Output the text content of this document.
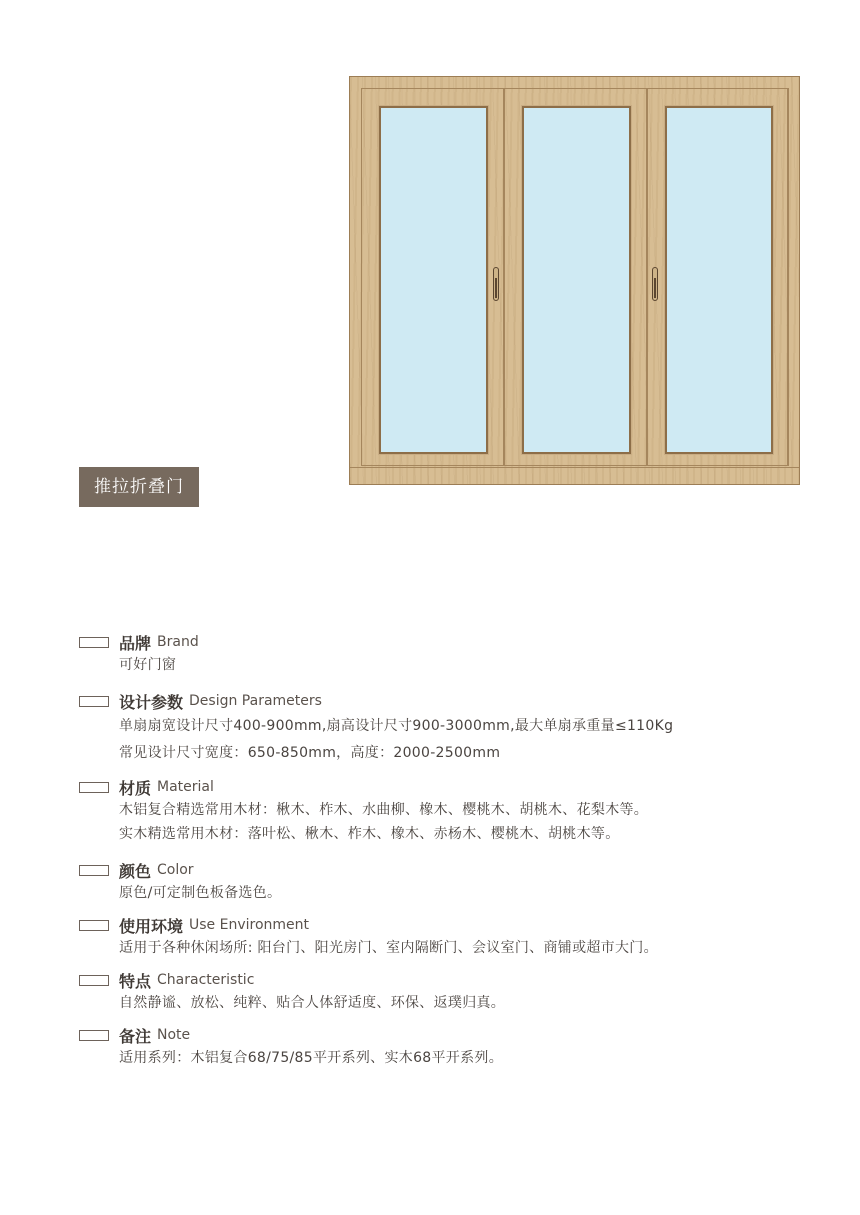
推拉折叠门
品牌 Brand
可好门窗
设计参数 Design Parameters
单扇扇宽设计尺寸400-900mm,扇高设计尺寸900-3000mm,最大单扇承重量≤110Kg
常见设计尺寸宽度：650-850mm，高度：2000-2500mm
材质 Material
木铝复合精选常用木材：楸木、柞木、水曲柳、橡木、樱桃木、胡桃木、花梨木等。
实木精选常用木材：落叶松、楸木、柞木、橡木、赤杨木、樱桃木、胡桃木等。
颜色 Color
原色/可定制色板备选色。
使用环境 Use Environment
适用于各种休闲场所: 阳台门、阳光房门、室内隔断门、会议室门、商铺或超市大门。
特点 Characteristic
自然静谧、放松、纯粹、贴合人体舒适度、环保、返璞归真。
备注 Note
适用系列：木铝复合68/75/85平开系列、实木68平开系列。
